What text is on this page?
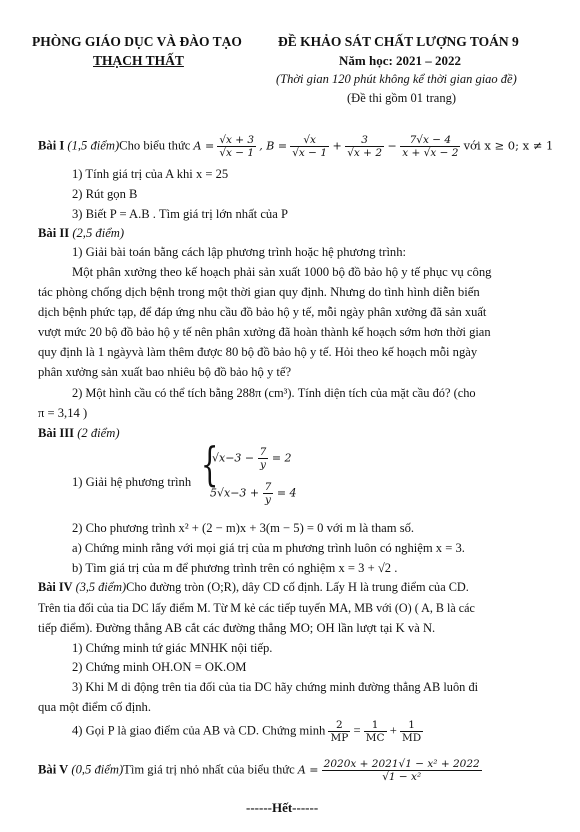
PHÒNG GIÁO DỤC VÀ ĐÀO TẠO
THẠCH THẤT
ĐỀ KHẢO SÁT CHẤT LƯỢNG TOÁN 9
Năm học: 2021 – 2022
(Thời gian 120 phút không kể thời gian giao đề)
(Đề thi gồm 01 trang)
Bài I (1,5 điểm)Cho biểu thức $A = \frac{√x + 3}{√x - 1}$ , $B = \frac{√x}{√x - 1} + \frac{3}{√x + 2} - \frac{7√x - 4}{x + √x - 2}$ với x ≥ 0; x ≠ 1
1) Tính giá trị của A khi x = 25
2) Rút gọn B
3) Biết P = A.B . Tìm giá trị lớn nhất của P
Bài II (2,5 điểm)
1) Giải bài toán bằng cách lập phương trình hoặc hệ phương trình:
Một phân xưởng theo kế hoạch phải sản xuất 1000 bộ đồ bảo hộ y tế phục vụ công
tác phòng chống dịch bệnh trong một thời gian quy định. Nhưng do tình hình diễn biến
dịch bệnh phức tạp, để đáp ứng nhu cầu đồ bảo hộ y tế, mỗi ngày phân xưởng đã sản xuất
vượt mức 20 bộ đồ bảo hộ y tế nên phân xưởng đã hoàn thành kế hoạch sớm hơn thời gian
quy định là 1 ngàyvà làm thêm được 80 bộ đồ bảo hộ y tế. Hỏi theo kế hoạch mỗi ngày
phân xưởng sản xuất bao nhiêu bộ đồ bảo hộ y tế?
2) Một hình cầu có thể tích bằng 288π (cm³). Tính diện tích của mặt cầu đó? (cho
π = 3,14 )
Bài III (2 điểm)
1) Giải hệ phương trình {
$√x-3 - \frac{7}{y} = 2$
$5√x-3 + \frac{7}{y} = 4$
2) Cho phương trình x² + (2 − m)x + 3(m − 5) = 0 với m là tham số.
a) Chứng minh rằng với mọi giá trị của m phương trình luôn có nghiệm x = 3.
b) Tìm giá trị của m để phương trình trên có nghiệm x = 3 + √2 .
Bài IV (3,5 điểm)Cho đường tròn (O;R), dây CD cố định. Lấy H là trung điểm của CD.
Trên tia đối của tia DC lấy điểm M. Từ M kẻ các tiếp tuyến MA, MB với (O) ( A, B là các
tiếp điểm). Đường thẳng AB cắt các đường thẳng MO; OH lần lượt tại K và N.
1) Chứng minh tứ giác MNHK nội tiếp.
2) Chứng minh OH.ON = OK.OM
3) Khi M di động trên tia đối của tia DC hãy chứng minh đường thẳng AB luôn đi
qua một điểm cố định.
4) Gọi P là giao điểm của AB và CD. Chứng minh $\frac{2}{MP} = \frac{1}{MC} + \frac{1}{MD}$
Bài V (0,5 điểm)Tìm giá trị nhỏ nhất của biểu thức $A = \frac{\text{2020x + 2021√1 − x² + 2022}}{\text{√1 − x²}}$
------Hết------
